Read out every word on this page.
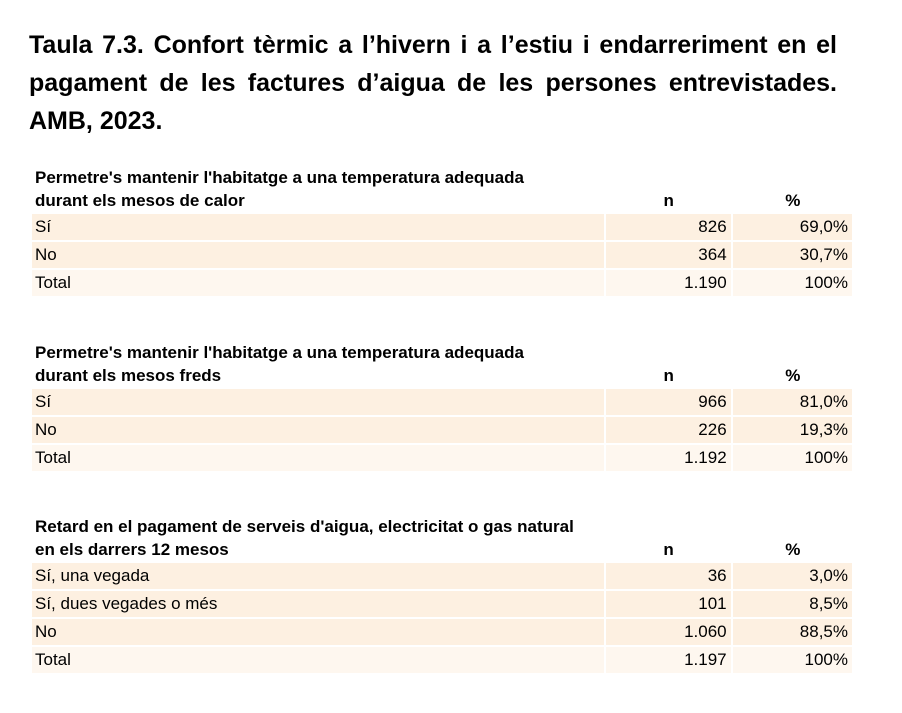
Taula 7.3. Confort tèrmic a l’hivern i a l’estiu i endarreriment en el pagament de les factures d’aigua de les persones entrevistades. AMB, 2023.
Permetre's mantenir l'habitatge a una temperatura adequada
durant els mesos de calor	n	%
Sí	826	69,0%
No	364	30,7%
Total	1.190	100%
Permetre's mantenir l'habitatge a una temperatura adequada
durant els mesos freds	n	%
Sí	966	81,0%
No	226	19,3%
Total	1.192	100%
Retard en el pagament de serveis d'aigua, electricitat o gas natural
en els darrers 12 mesos	n	%
Sí, una vegada	36	3,0%
Sí, dues vegades o més	101	8,5%
No	1.060	88,5%
Total	1.197	100%
